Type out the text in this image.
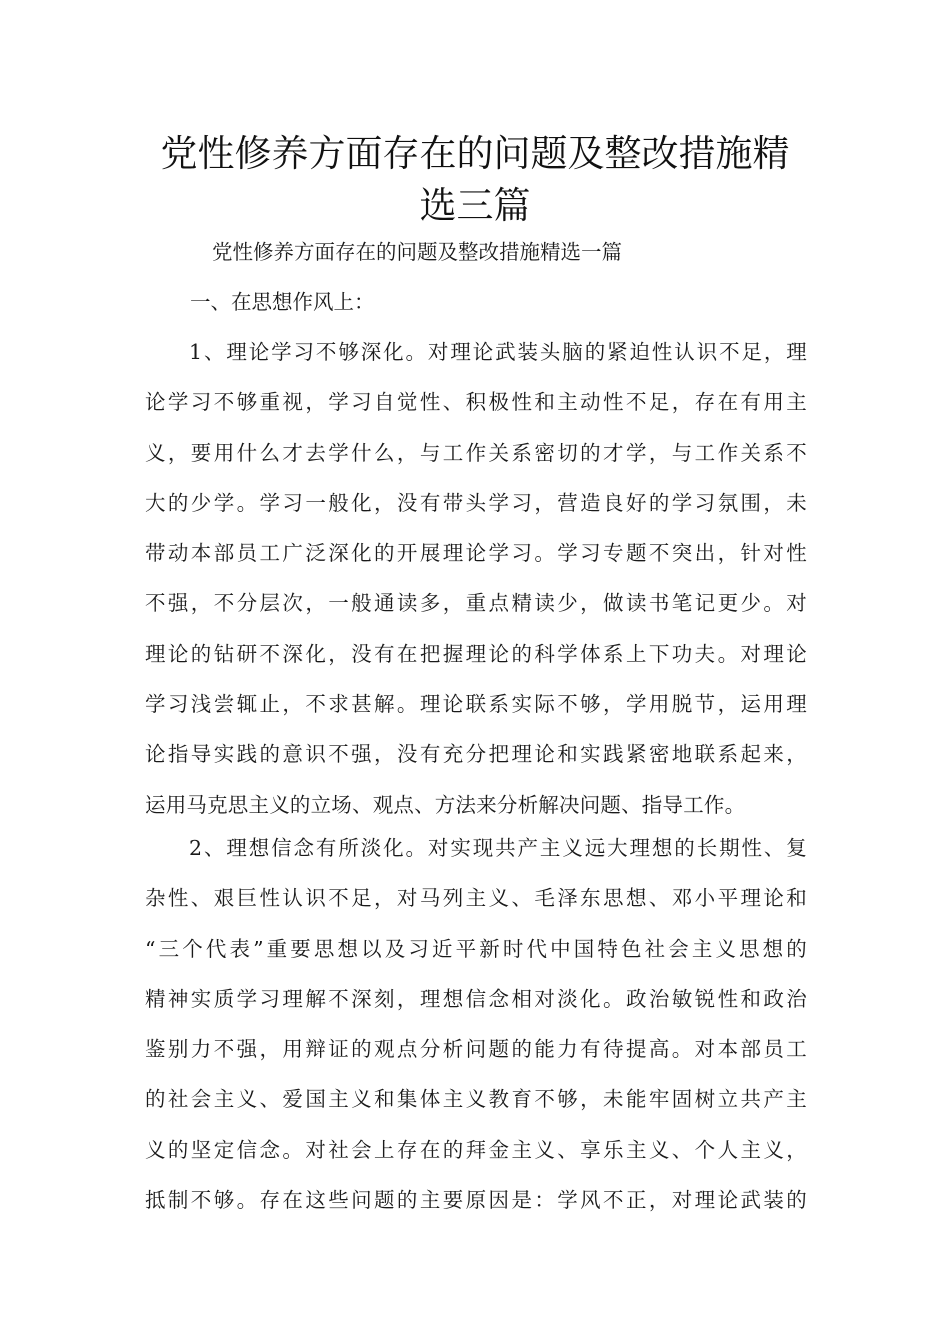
党性修养方面存在的问题及整改措施精
选三篇

党性修养方面存在的问题及整改措施精选一篇

一、在思想作风上：

1、理论学习不够深化。对理论武装头脑的紧迫性认识不足，理
论学习不够重视，学习自觉性、积极性和主动性不足，存在有用主
义，要用什么才去学什么，与工作关系密切的才学，与工作关系不
大的少学。学习一般化，没有带头学习，营造良好的学习氛围，未
带动本部员工广泛深化的开展理论学习。学习专题不突出，针对性
不强，不分层次，一般通读多，重点精读少，做读书笔记更少。对
理论的钻研不深化，没有在把握理论的科学体系上下功夫。对理论
学习浅尝辄止，不求甚解。理论联系实际不够，学用脱节，运用理
论指导实践的意识不强，没有充分把理论和实践紧密地联系起来，
运用马克思主义的立场、观点、方法来分析解决问题、指导工作。
2、理想信念有所淡化。对实现共产主义远大理想的长期性、复
杂性、艰巨性认识不足，对马列主义、毛泽东思想、邓小平理论和
“三个代表”重要思想以及习近平新时代中国特色社会主义思想的
精神实质学习理解不深刻，理想信念相对淡化。政治敏锐性和政治
鉴别力不强，用辩证的观点分析问题的能力有待提高。对本部员工
的社会主义、爱国主义和集体主义教育不够，未能牢固树立共产主
义的坚定信念。对社会上存在的拜金主义、享乐主义、个人主义，
抵制不够。存在这些问题的主要原因是：学风不正，对理论武装的
